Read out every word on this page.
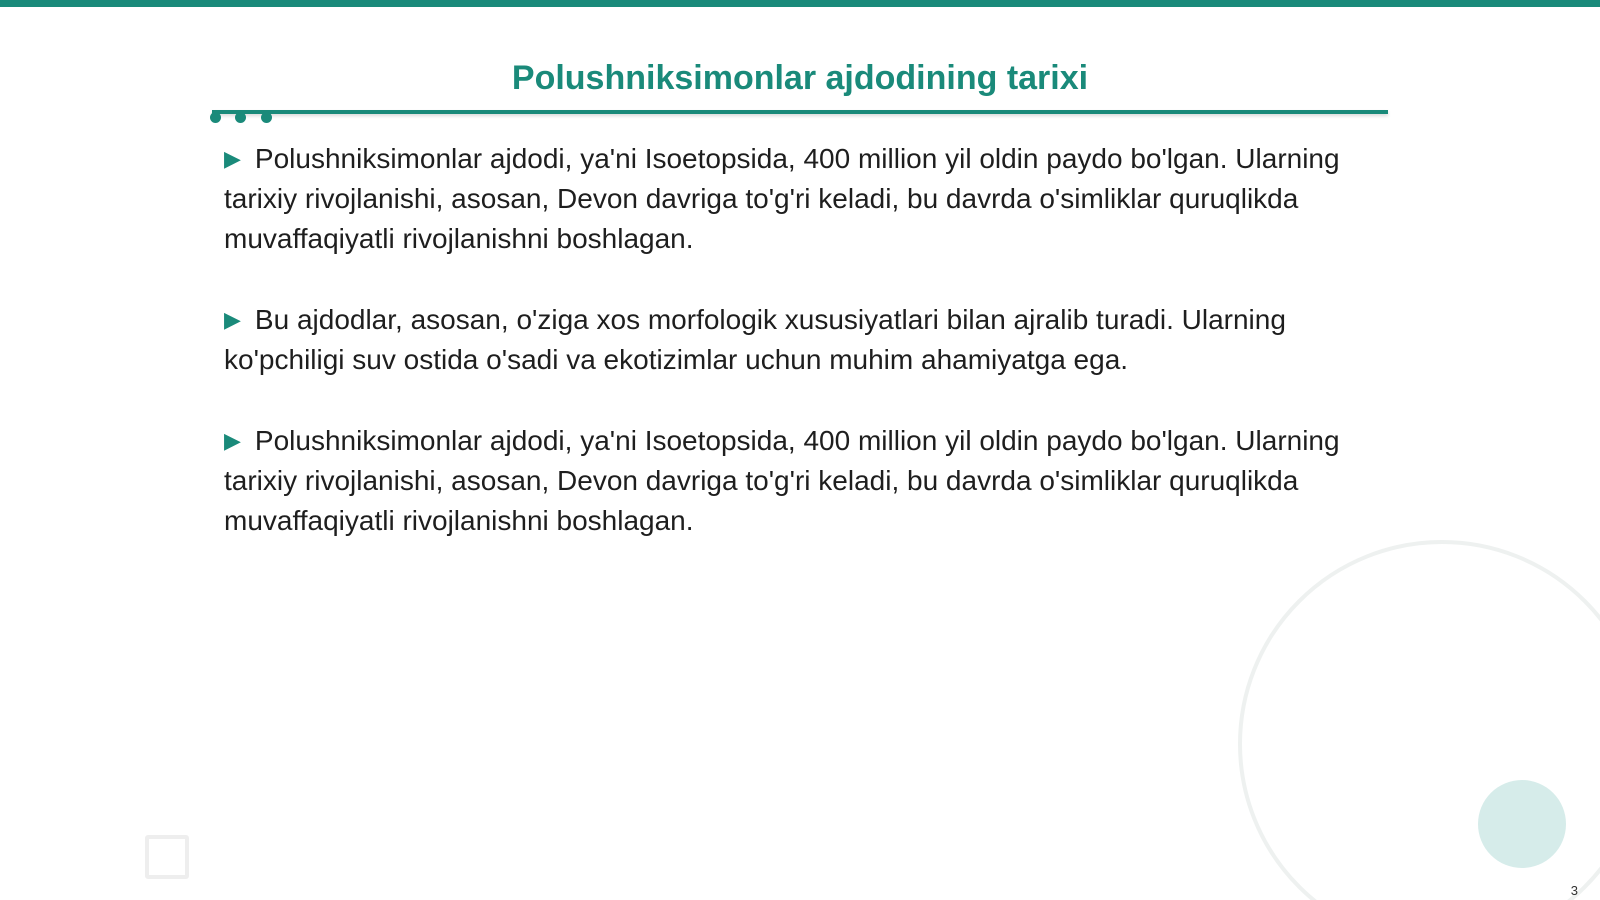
Polushniksimonlar ajdodining tarixi

▶ Polushniksimonlar ajdodi, ya'ni Isoetopsida, 400 million yil oldin paydo bo'lgan. Ularning tarixiy rivojlanishi, asosan, Devon davriga to'g'ri keladi, bu davrda o'simliklar quruqlikda muvaffaqiyatli rivojlanishni boshlagan.

▶ Bu ajdodlar, asosan, o'ziga xos morfologik xususiyatlari bilan ajralib turadi. Ularning ko'pchiligi suv ostida o'sadi va ekotizimlar uchun muhim ahamiyatga ega.

▶ Polushniksimonlar ajdodi, ya'ni Isoetopsida, 400 million yil oldin paydo bo'lgan. Ularning tarixiy rivojlanishi, asosan, Devon davriga to'g'ri keladi, bu davrda o'simliklar quruqlikda muvaffaqiyatli rivojlanishni boshlagan.

3
